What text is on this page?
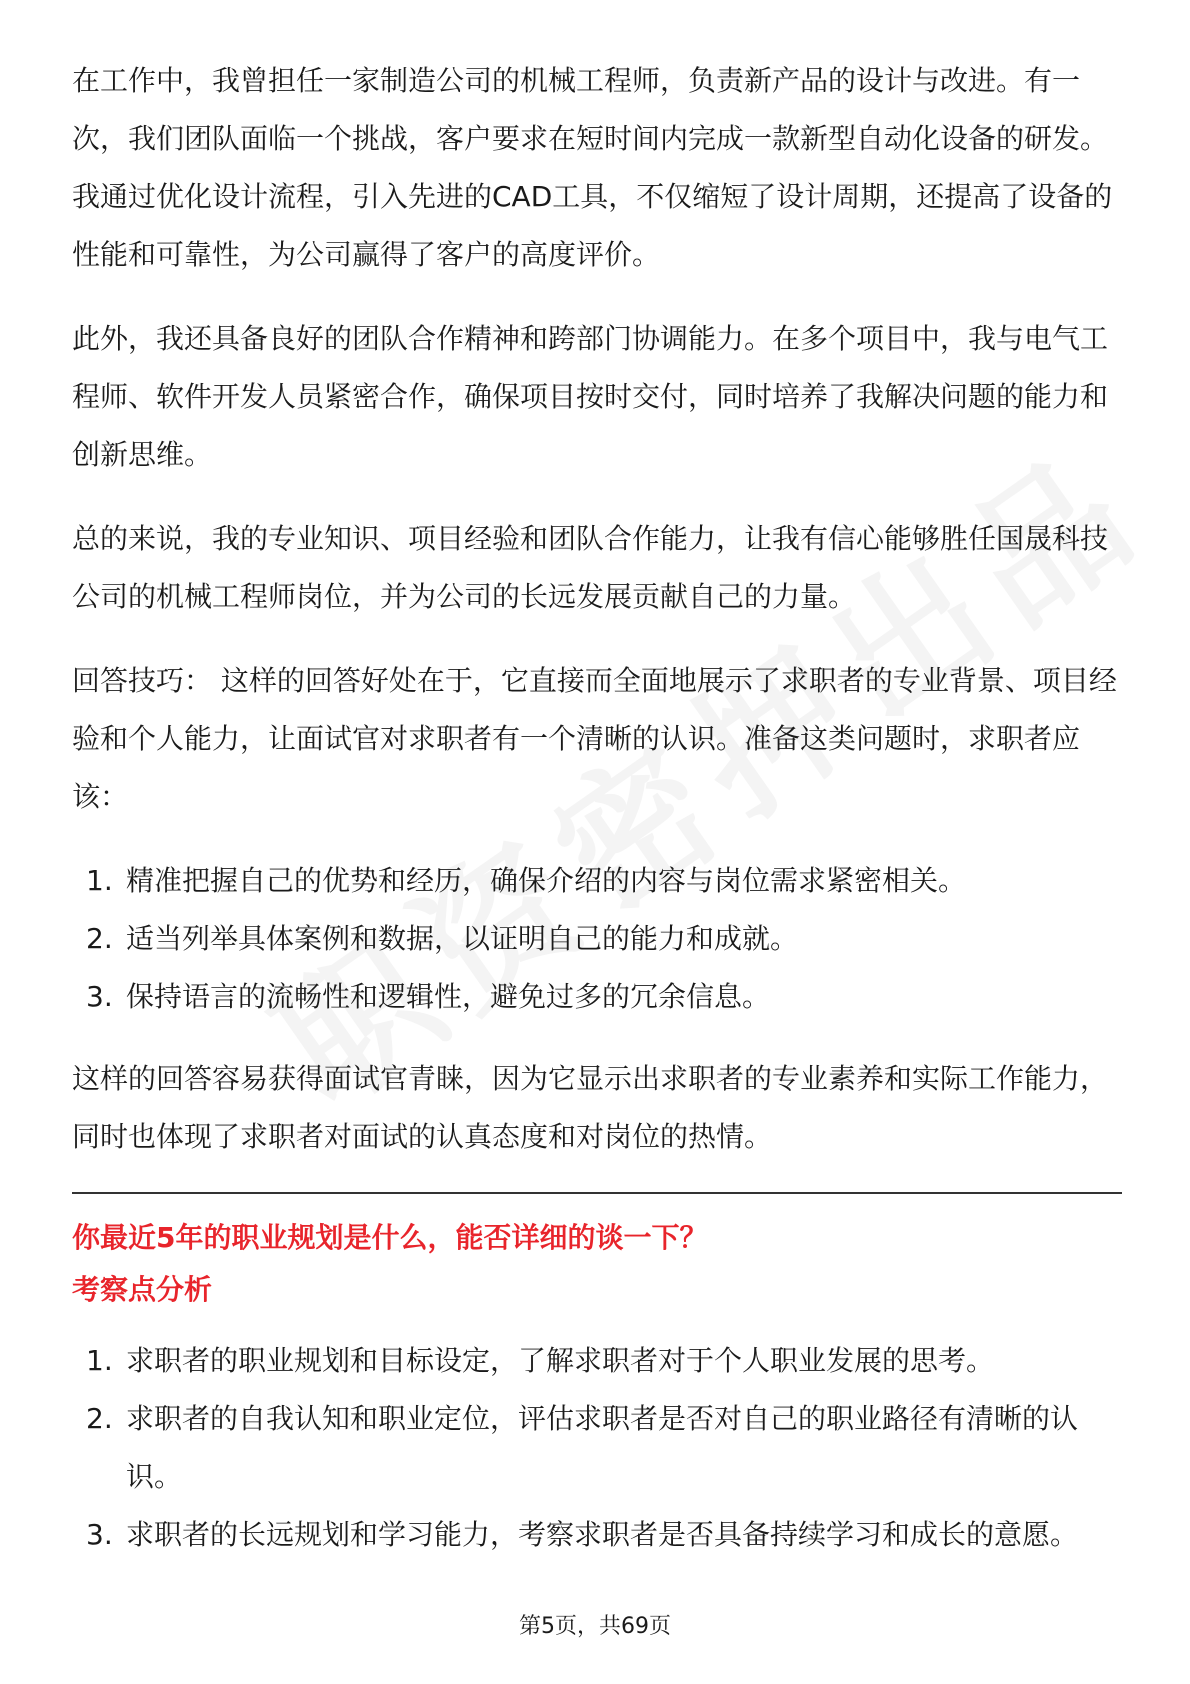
在工作中，我曾担任一家制造公司的机械工程师，负责新产品的设计与改进。有一次，我们团队面临一个挑战，客户要求在短时间内完成一款新型自动化设备的研发。我通过优化设计流程，引入先进的CAD工具，不仅缩短了设计周期，还提高了设备的性能和可靠性，为公司赢得了客户的高度评价。

此外，我还具备良好的团队合作精神和跨部门协调能力。在多个项目中，我与电气工程师、软件开发人员紧密合作，确保项目按时交付，同时培养了我解决问题的能力和创新思维。

总的来说，我的专业知识、项目经验和团队合作能力，让我有信心能够胜任国晟科技公司的机械工程师岗位，并为公司的长远发展贡献自己的力量。

回答技巧： 这样的回答好处在于，它直接而全面地展示了求职者的专业背景、项目经验和个人能力，让面试官对求职者有一个清晰的认识。准备这类问题时，求职者应该：

1. 精准把握自己的优势和经历，确保介绍的内容与岗位需求紧密相关。
2. 适当列举具体案例和数据，以证明自己的能力和成就。
3. 保持语言的流畅性和逻辑性，避免过多的冗余信息。

这样的回答容易获得面试官青睐，因为它显示出求职者的专业素养和实际工作能力，同时也体现了求职者对面试的认真态度和对岗位的热情。

你最近5年的职业规划是什么，能否详细的谈一下？
考察点分析
1. 求职者的职业规划和目标设定，了解求职者对于个人职业发展的思考。
2. 求职者的自我认知和职业定位，评估求职者是否对自己的职业路径有清晰的认识。
3. 求职者的长远规划和学习能力，考察求职者是否具备持续学习和成长的意愿。
第5页，共69页
